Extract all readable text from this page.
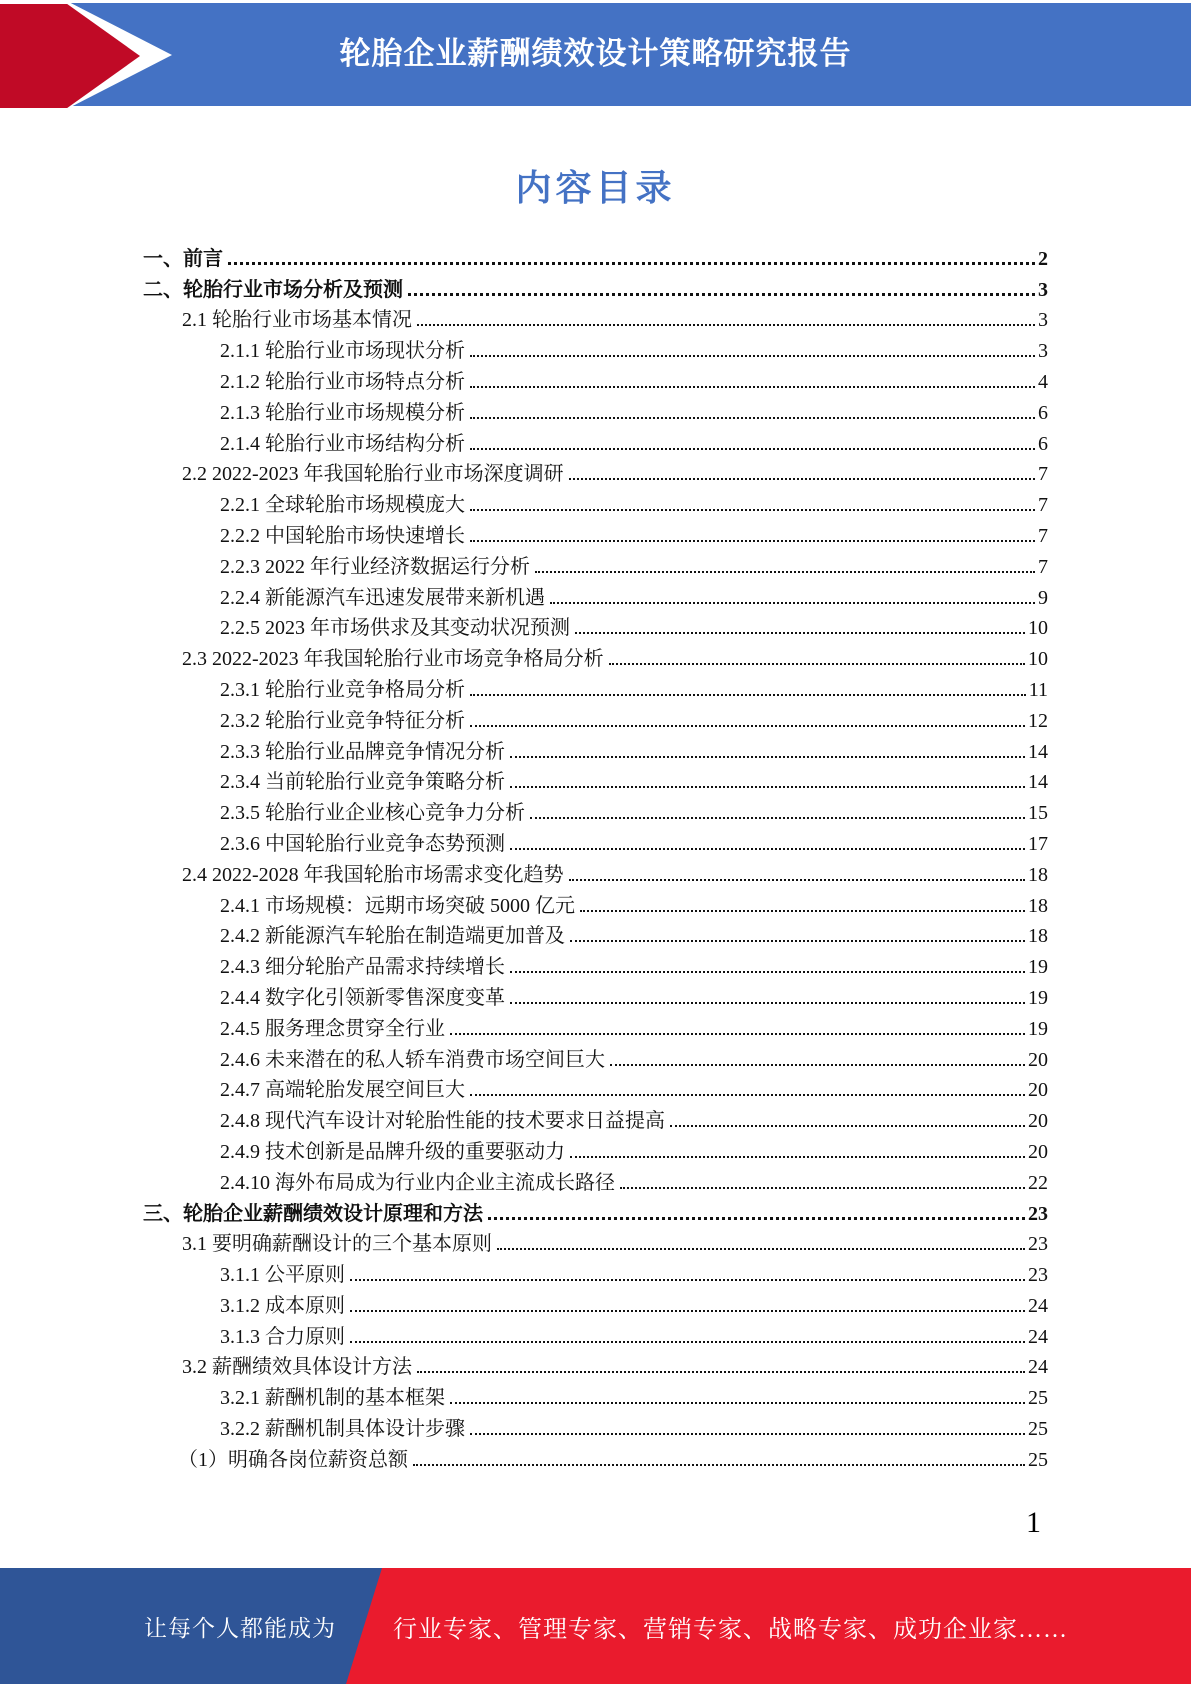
轮胎企业薪酬绩效设计策略研究报告
内容目录
一、前言	2
二、轮胎行业市场分析及预测	3
2.1 轮胎行业市场基本情况	3
2.1.1 轮胎行业市场现状分析	3
2.1.2 轮胎行业市场特点分析	4
2.1.3 轮胎行业市场规模分析	6
2.1.4 轮胎行业市场结构分析	6
2.2 2022-2023 年我国轮胎行业市场深度调研	7
2.2.1 全球轮胎市场规模庞大	7
2.2.2 中国轮胎市场快速增长	7
2.2.3 2022 年行业经济数据运行分析	7
2.2.4 新能源汽车迅速发展带来新机遇	9
2.2.5 2023 年市场供求及其变动状况预测	10
2.3 2022-2023 年我国轮胎行业市场竞争格局分析	10
2.3.1 轮胎行业竞争格局分析	11
2.3.2 轮胎行业竞争特征分析	12
2.3.3 轮胎行业品牌竞争情况分析	14
2.3.4 当前轮胎行业竞争策略分析	14
2.3.5 轮胎行业企业核心竞争力分析	15
2.3.6 中国轮胎行业竞争态势预测	17
2.4 2022-2028 年我国轮胎市场需求变化趋势	18
2.4.1 市场规模：远期市场突破 5000 亿元	18
2.4.2 新能源汽车轮胎在制造端更加普及	18
2.4.3 细分轮胎产品需求持续增长	19
2.4.4 数字化引领新零售深度变革	19
2.4.5 服务理念贯穿全行业	19
2.4.6 未来潜在的私人轿车消费市场空间巨大	20
2.4.7 高端轮胎发展空间巨大	20
2.4.8 现代汽车设计对轮胎性能的技术要求日益提高	20
2.4.9 技术创新是品牌升级的重要驱动力	20
2.4.10 海外布局成为行业内企业主流成长路径	22
三、轮胎企业薪酬绩效设计原理和方法	23
3.1 要明确薪酬设计的三个基本原则	23
3.1.1 公平原则	23
3.1.2 成本原则	24
3.1.3 合力原则	24
3.2 薪酬绩效具体设计方法	24
3.2.1 薪酬机制的基本框架	25
3.2.2 薪酬机制具体设计步骤	25
（1）明确各岗位薪资总额	25
1
让每个人都能成为 行业专家、管理专家、营销专家、战略专家、成功企业家……
